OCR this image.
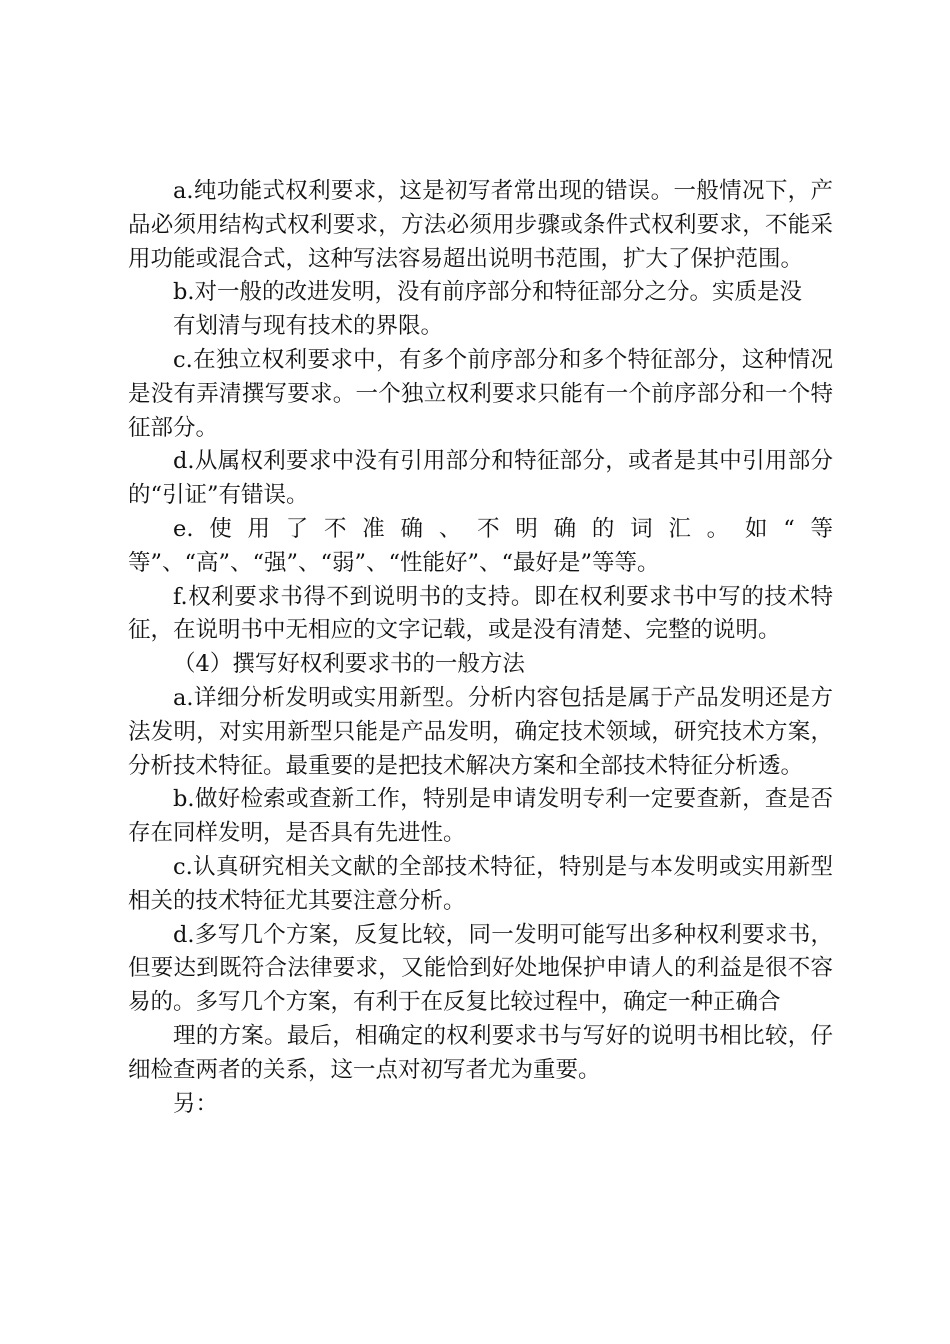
a.纯功能式权利要求，这是初写者常出现的错误。一般情况下，产品必须用结构式权利要求，方法必须用步骤或条件式权利要求，不能采用功能或混合式，这种写法容易超出说明书范围，扩大了保护范围。

b.对一般的改进发明，没有前序部分和特征部分之分。实质是没

有划清与现有技术的界限。

c.在独立权利要求中，有多个前序部分和多个特征部分，这种情况是没有弄清撰写要求。一个独立权利要求只能有一个前序部分和一个特征部分。

d.从属权利要求中没有引用部分和特征部分，或者是其中引用部分的“引证”有错误。

e.使用了不准确、不明确的词汇。如“等等”、“高”、“强”、“弱”、“性能好”、“最好是”等等。

f.权利要求书得不到说明书的支持。即在权利要求书中写的技术特征，在说明书中无相应的文字记载，或是没有清楚、完整的说明。

（4）撰写好权利要求书的一般方法

a.详细分析发明或实用新型。分析内容包括是属于产品发明还是方法发明，对实用新型只能是产品发明，确定技术领域，研究技术方案，分析技术特征。最重要的是把技术解决方案和全部技术特征分析透。

b.做好检索或查新工作，特别是申请发明专利一定要查新，查是否存在同样发明，是否具有先进性。

c.认真研究相关文献的全部技术特征，特别是与本发明或实用新型相关的技术特征尤其要注意分析。

d.多写几个方案，反复比较，同一发明可能写出多种权利要求书，但要达到既符合法律要求，又能恰到好处地保护申请人的利益是很不容易的。多写几个方案，有利于在反复比较过程中，确定一种正确合

理的方案。最后，相确定的权利要求书与写好的说明书相比较，仔细检查两者的关系，这一点对初写者尤为重要。

另：
